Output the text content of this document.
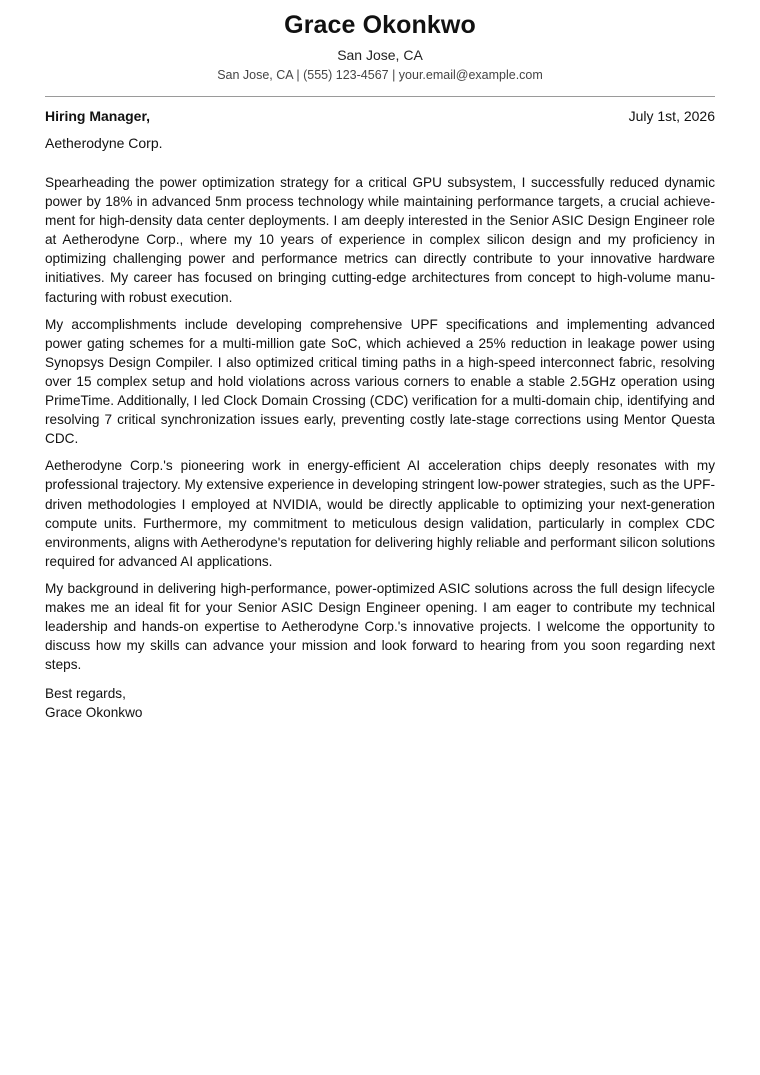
Grace Okonkwo
San Jose, CA
San Jose, CA | (555) 123-4567 | your.email@example.com
Hiring Manager,	July 1st, 2026
Aetherodyne Corp.

Spearheading the power optimization strategy for a critical GPU subsystem, I successfully reduced dynamic power by 18% in advanced 5nm process technology while maintaining performance targets, a crucial achievement for high-density data center deployments. I am deeply interested in the Senior ASIC Design Engineer role at Aetherodyne Corp., where my 10 years of experience in complex silicon design and my proficiency in optimizing challenging power and performance metrics can directly contribute to your innovative hardware initiatives. My career has focused on bringing cutting-edge architectures from concept to high-volume manufacturing with robust execution.

My accomplishments include developing comprehensive UPF specifications and implementing advanced power gating schemes for a multi-million gate SoC, which achieved a 25% reduction in leakage power using Synopsys Design Compiler. I also optimized critical timing paths in a high-speed interconnect fabric, resolving over 15 complex setup and hold violations across various corners to enable a stable 2.5GHz operation using PrimeTime. Additionally, I led Clock Domain Crossing (CDC) verification for a multi-domain chip, identifying and resolving 7 critical synchronization issues early, preventing costly late-stage corrections using Mentor Questa CDC.

Aetherodyne Corp.'s pioneering work in energy-efficient AI acceleration chips deeply resonates with my professional trajectory. My extensive experience in developing stringent low-power strategies, such as the UPF-driven methodologies I employed at NVIDIA, would be directly applicable to optimizing your next-generation compute units. Furthermore, my commitment to meticulous design validation, particularly in complex CDC environments, aligns with Aetherodyne's reputation for delivering highly reliable and performant silicon solutions required for advanced AI applications.

My background in delivering high-performance, power-optimized ASIC solutions across the full design lifecycle makes me an ideal fit for your Senior ASIC Design Engineer opening. I am eager to contribute my technical leadership and hands-on expertise to Aetherodyne Corp.'s innovative projects. I welcome the opportunity to discuss how my skills can advance your mission and look forward to hearing from you soon regarding next steps.

Best regards,
Grace Okonkwo
